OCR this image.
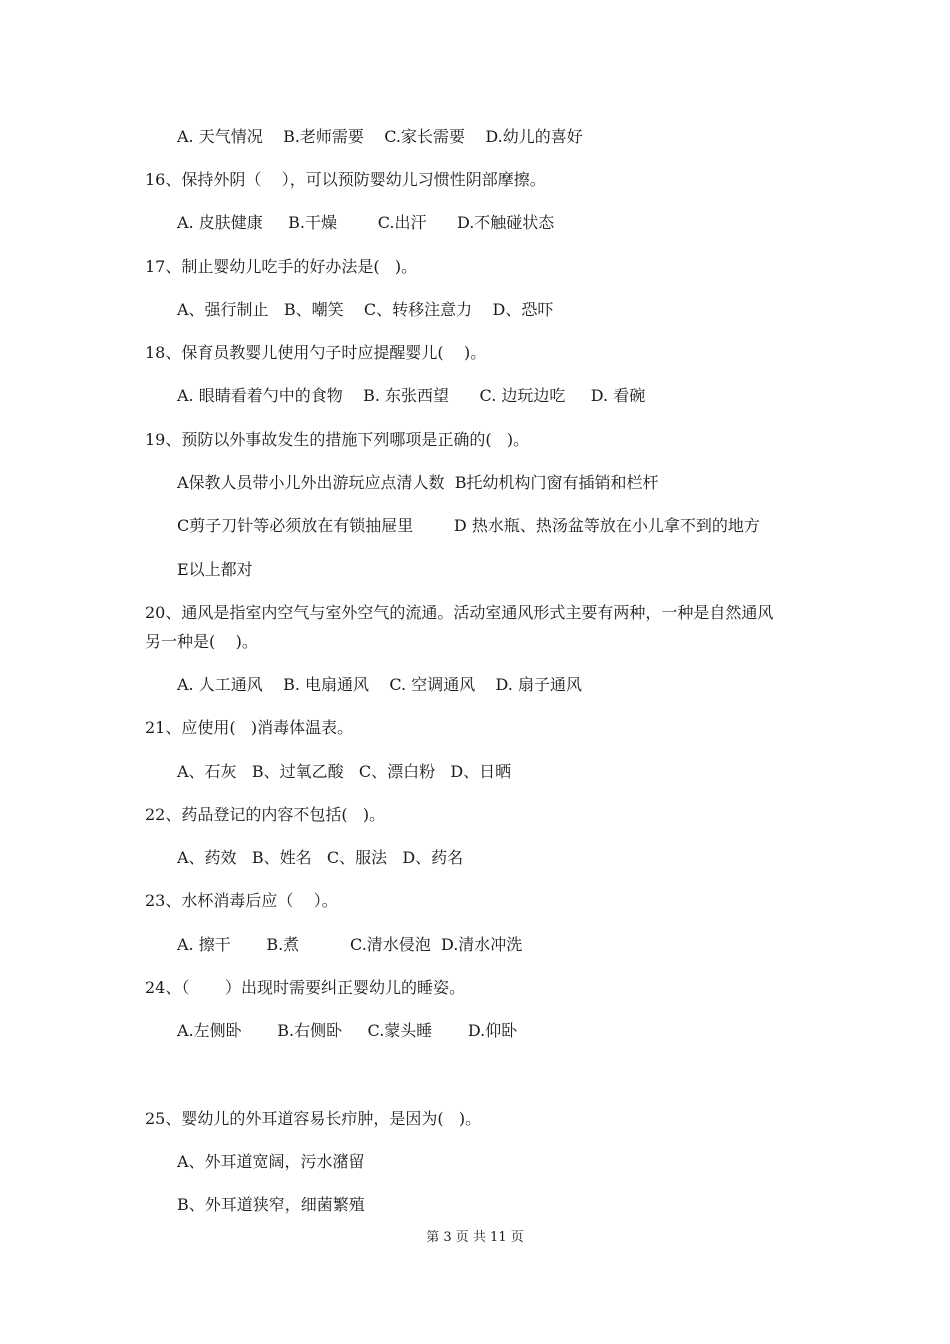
A. 天气情况    B.老师需要    C.家长需要    D.幼儿的喜好
16、保持外阴（    ），可以预防婴幼儿习惯性阴部摩擦。
A. 皮肤健康     B.干燥        C.出汗      D.不触碰状态
17、制止婴幼儿吃手的好办法是(   )。
A、强行制止   B、嘲笑    C、转移注意力    D、恐吓
18、保育员教婴儿使用勺子时应提醒婴儿(    )。
A. 眼睛看着勺中的食物    B. 东张西望      C. 边玩边吃     D. 看碗
19、预防以外事故发生的措施下列哪项是正确的(   )。
A保教人员带小儿外出游玩应点清人数  B托幼机构门窗有插销和栏杆
C剪子刀针等必须放在有锁抽屉里        D 热水瓶、热汤盆等放在小儿拿不到的地方
E以上都对
20、通风是指室内空气与室外空气的流通。活动室通风形式主要有两种，一种是自然通风
另一种是(    )。
A. 人工通风    B. 电扇通风    C. 空调通风    D. 扇子通风
21、应使用(   )消毒体温表。
A、石灰   B、过氧乙酸   C、漂白粉   D、日晒
22、药品登记的内容不包括(   )。
A、药效   B、姓名   C、服法   D、药名
23、水杯消毒后应（    ）。
A. 擦干       B.煮          C.清水侵泡  D.清水冲洗
24、（       ）出现时需要纠正婴幼儿的睡姿。
A.左侧卧       B.右侧卧     C.蒙头睡       D.仰卧
25、婴幼儿的外耳道容易长疖肿，是因为(   )。
A、外耳道宽阔，污水潴留
B、外耳道狭窄，细菌繁殖
第 3 页 共 11 页
